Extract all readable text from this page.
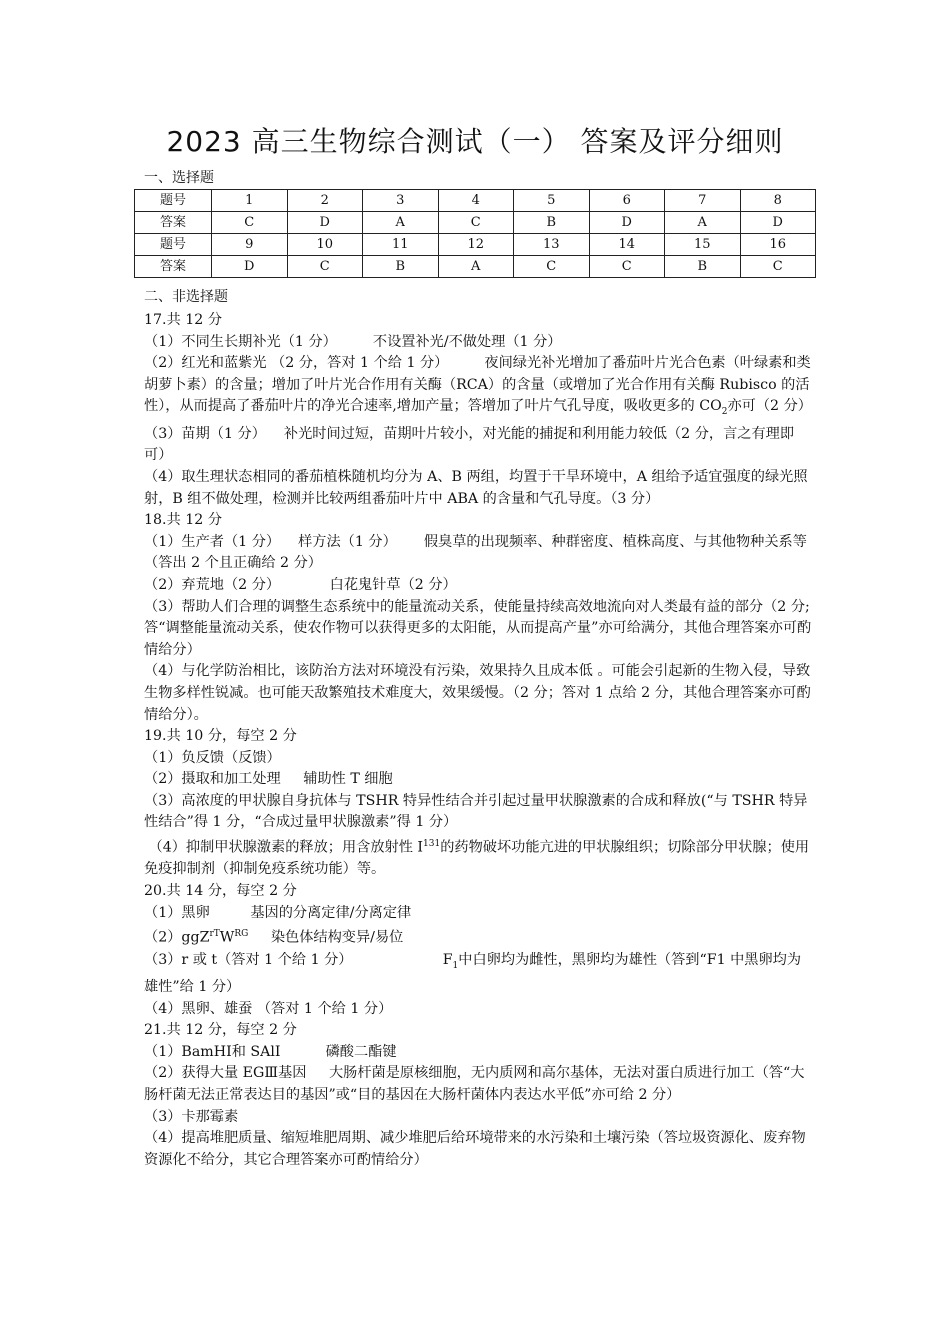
2023 高三生物综合测试（一） 答案及评分细则
一、选择题
题号	1	2	3	4	5	6	7	8
答案	C	D	A	C	B	D	A	D
题号	9	10	11	12	13	14	15	16
答案	D	C	B	A	C	C	B	C
二、非选择题

17.共 12 分

（1）不同生长期补光（1 分）        不设置补光/不做处理（1 分）

（2）红光和蓝紫光 （2 分，答对 1 个给 1 分）        夜间绿光补光增加了番茄叶片光合色素（叶绿素和类胡萝卜素）的含量；增加了叶片光合作用有关酶（RCA）的含量（或增加了光合作用有关酶 Rubisco 的活性），从而提高了番茄叶片的净光合速率,增加产量；答增加了叶片气孔导度，吸收更多的 $CO_2$亦可（2 分）

（3）苗期（1 分）    补光时间过短，苗期叶片较小，对光能的捕捉和利用能力较低（2 分，言之有理即可）

（4）取生理状态相同的番茄植株随机均分为 A、B 两组，均置于干旱环境中，A 组给予适宜强度的绿光照射，B 组不做处理，检测并比较两组番茄叶片中 ABA 的含量和气孔导度。（3 分）

18.共 12 分

（1）生产者（1 分）    样方法（1 分）      假臭草的出现频率、种群密度、植株高度、与其他物种关系等（答出 2 个且正确给 2 分）

（2）弃荒地（2 分）           白花鬼针草（2 分）

（3）帮助人们合理的调整生态系统中的能量流动关系，使能量持续高效地流向对人类最有益的部分（2 分;答“调整能量流动关系，使农作物可以获得更多的太阳能，从而提高产量”亦可给满分，其他合理答案亦可酌情给分）

（4）与化学防治相比，该防治方法对环境没有污染，效果持久且成本低 。可能会引起新的生物入侵，导致生物多样性锐减。也可能天敌繁殖技术难度大，效果缓慢。（2 分；答对 1 点给 2 分，其他合理答案亦可酌情给分）。

19.共 10 分，每空 2 分

（1）负反馈（反馈）

（2）摄取和加工处理     辅助性 T 细胞

（3）高浓度的甲状腺自身抗体与 TSHR 特异性结合并引起过量甲状腺激素的合成和释放(“与 TSHR 特异性结合”得 1 分，“合成过量甲状腺激素”得 1 分）

（4）抑制甲状腺激素的释放；用含放射性 $I^{131}$的药物破坏功能亢进的甲状腺组织；切除部分甲状腺；使用免疫抑制剂（抑制免疫系统功能）等。

20.共 14 分，每空 2 分

（1）黑卵         基因的分离定律/分离定律

$(2)ggZ^{rT}W^{RG}$     染色体结构变异/易位

（3）r 或 t（答对 1 个给 1 分）                    $F_1$中白卵均为雌性，黑卵均为雄性（答到“F1 中黑卵均为雄性”给 1 分）

（4）黑卵、雄蚕 （答对 1 个给 1 分）

21.共 12 分，每空 2 分

（1）BamHⅠ和 SAlⅠ          磷酸二酯键

（2）获得大量 EGⅢ基因     大肠杆菌是原核细胞，无内质网和高尔基体，无法对蛋白质进行加工（答“大肠杆菌无法正常表达目的基因”或“目的基因在大肠杆菌体内表达水平低”亦可给 2 分）

（3）卡那霉素

（4）提高堆肥质量、缩短堆肥周期、减少堆肥后给环境带来的水污染和土壤污染（答垃圾资源化、废弃物资源化不给分，其它合理答案亦可酌情给分）
